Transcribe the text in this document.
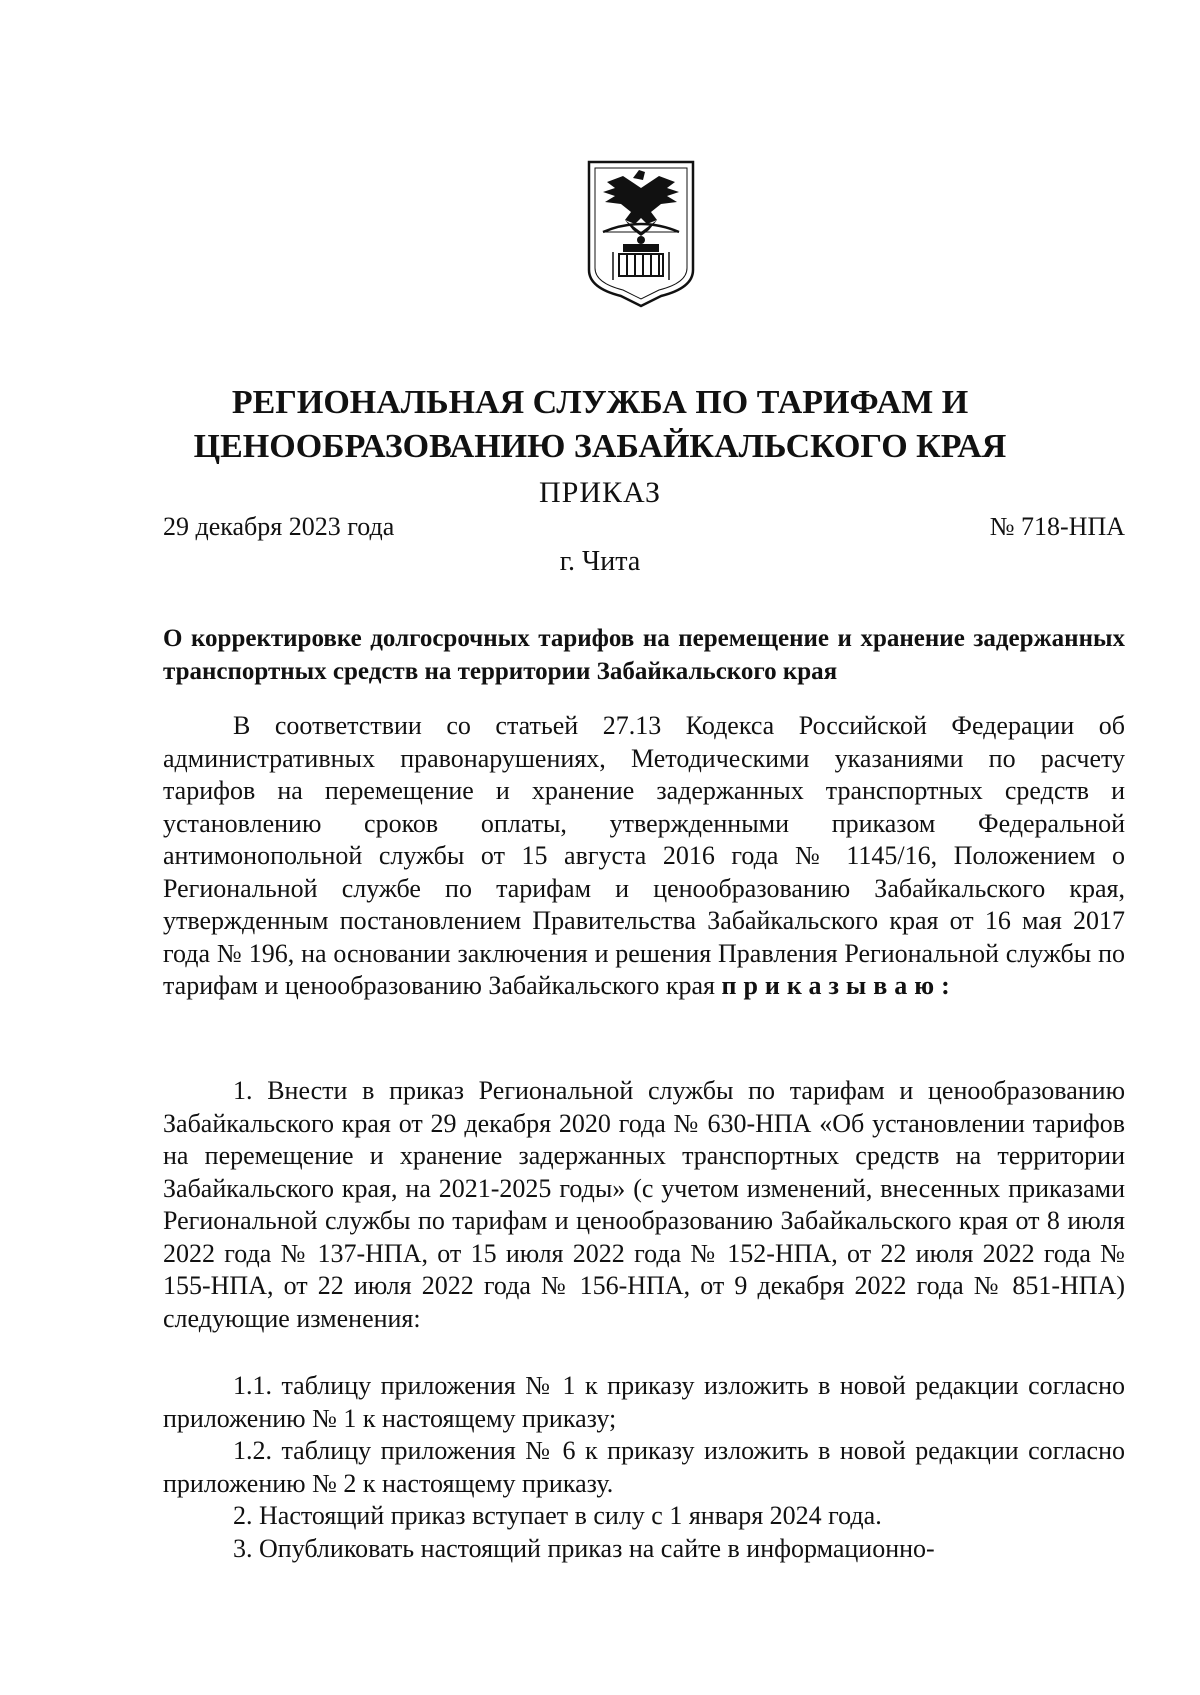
РЕГИОНАЛЬНАЯ СЛУЖБА ПО ТАРИФАМ И
ЦЕНООБРАЗОВАНИЮ ЗАБАЙКАЛЬСКОГО КРАЯ
ПРИКАЗ
29 декабря 2023 года	№ 718-НПА
г. Чита
О корректировке долгосрочных тарифов на перемещение и хранение задержанных транспортных средств на территории Забайкальского края

В соответствии со статьей 27.13 Кодекса Российской Федерации об административных правонарушениях, Методическими указаниями по расчету тарифов на перемещение и хранение задержанных транспортных средств и установлению сроков оплаты, утвержденными приказом Федеральной антимонопольной службы от 15 августа 2016 года № 1145/16, Положением о Региональной службе по тарифам и ценообразованию Забайкальского края, утвержденным постановлением Правительства Забайкальского края от 16 мая 2017 года № 196, на основании заключения и решения Правления Региональной службы по тарифам и ценообразованию Забайкальского края приказываю:

1. Внести в приказ Региональной службы по тарифам и ценообразованию Забайкальского края от 29 декабря 2020 года № 630-НПА «Об установлении тарифов на перемещение и хранение задержанных транспортных средств на территории Забайкальского края, на 2021-2025 годы» (с учетом изменений, внесенных приказами Региональной службы по тарифам и ценообразованию Забайкальского края от 8 июля 2022 года № 137-НПА, от 15 июля 2022 года № 152-НПА, от 22 июля 2022 года № 155-НПА, от 22 июля 2022 года № 156-НПА, от 9 декабря 2022 года № 851-НПА) следующие изменения:

1.1. таблицу приложения № 1 к приказу изложить в новой редакции согласно приложению № 1 к настоящему приказу;

1.2. таблицу приложения № 6 к приказу изложить в новой редакции согласно приложению № 2 к настоящему приказу.

2. Настоящий приказ вступает в силу с 1 января 2024 года.

3. Опубликовать настоящий приказ на сайте в информационно-
